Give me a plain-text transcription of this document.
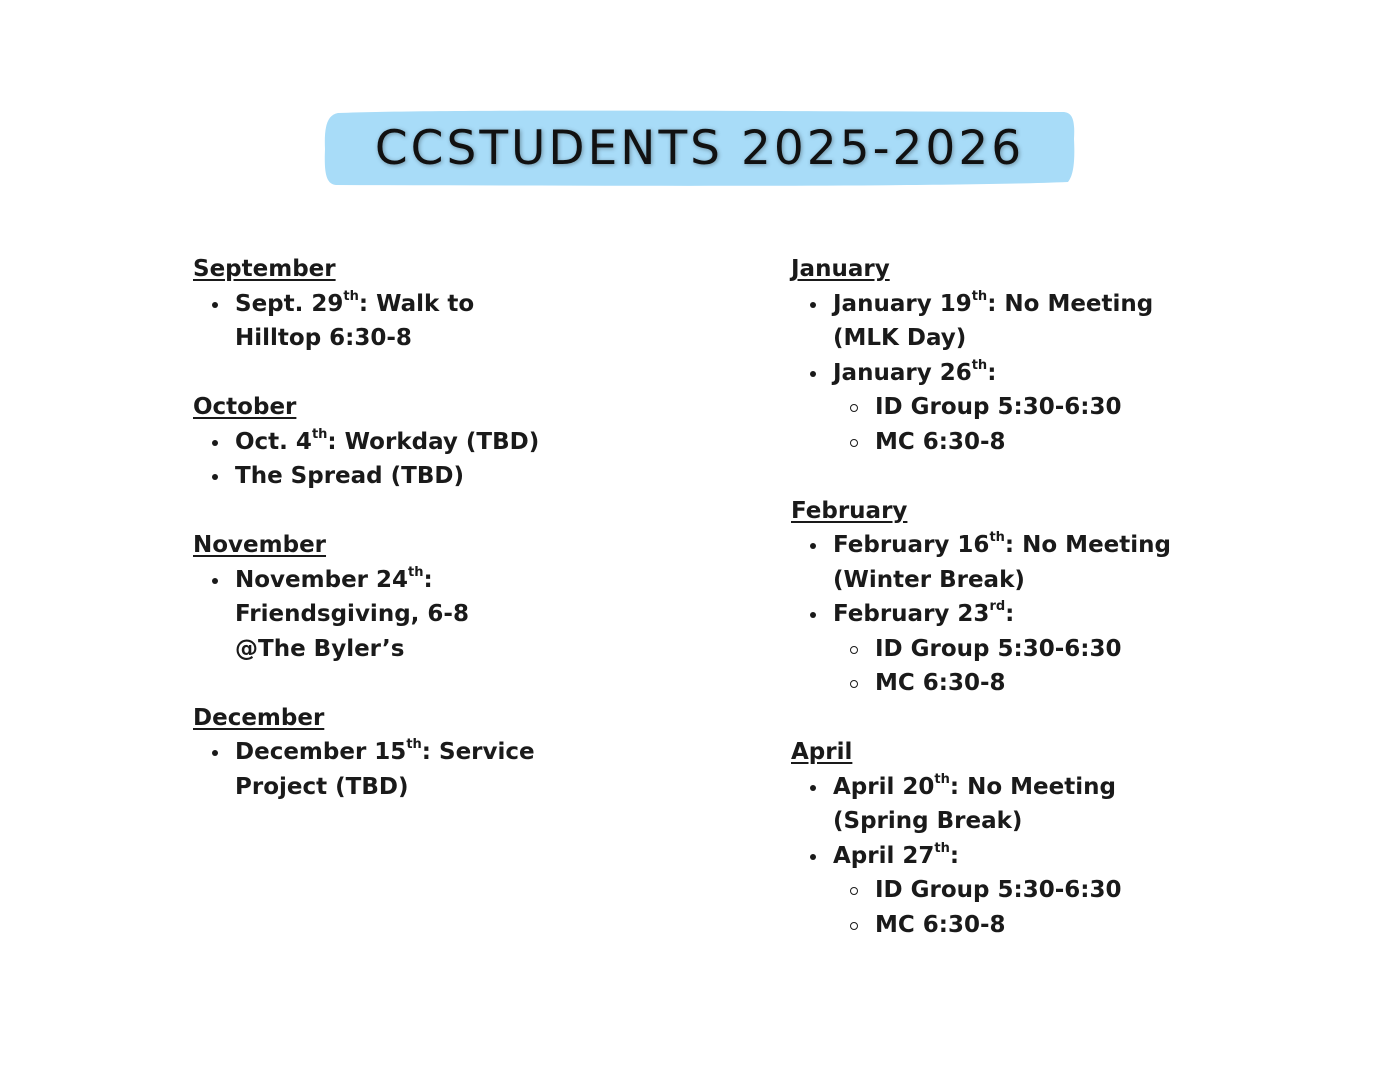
CCSTUDENTS 2025-2026
September
Sept. 29th: Walk to Hilltop 6:30-8
October
Oct. 4th: Workday (TBD)
The Spread (TBD)
November
November 24th:
Friendsgiving, 6-8
@The Byler’s
December
December 15th: Service Project (TBD)
January
January 19th: No Meeting
(MLK Day)
January 26th:
ID Group 5:30-6:30
MC 6:30-8
February
February 16th: No Meeting
(Winter Break)
February 23rd:
ID Group 5:30-6:30
MC 6:30-8
April
April 20th: No Meeting
(Spring Break)
April 27th:
ID Group 5:30-6:30
MC 6:30-8
